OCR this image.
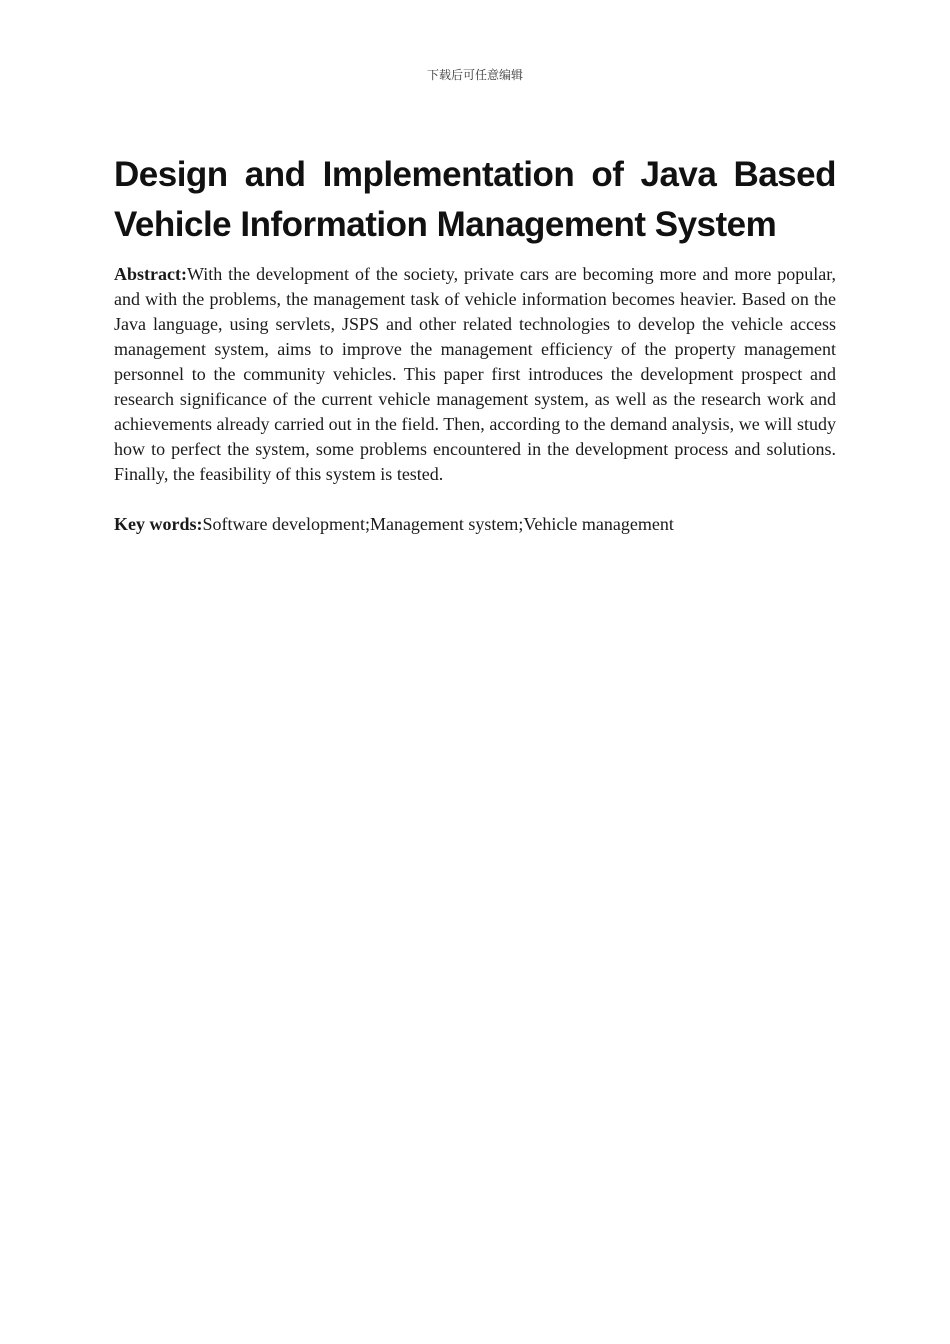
下载后可任意编辑
Design and Implementation of Java Based Vehicle Information Management System

Abstract:With the development of the society, private cars are becoming more and more popular, and with the problems, the management task of vehicle information becomes heavier. Based on the Java language, using servlets, JSPS and other related technologies to develop the vehicle access management system, aims to improve the management efficiency of the property management personnel to the community vehicles. This paper first introduces the development prospect and research significance of the current vehicle management system, as well as the research work and achievements already carried out in the field. Then, according to the demand analysis, we will study how to perfect the system, some problems encountered in the development process and solutions. Finally, the feasibility of this system is tested.

Key words:Software development;Management system;Vehicle management
